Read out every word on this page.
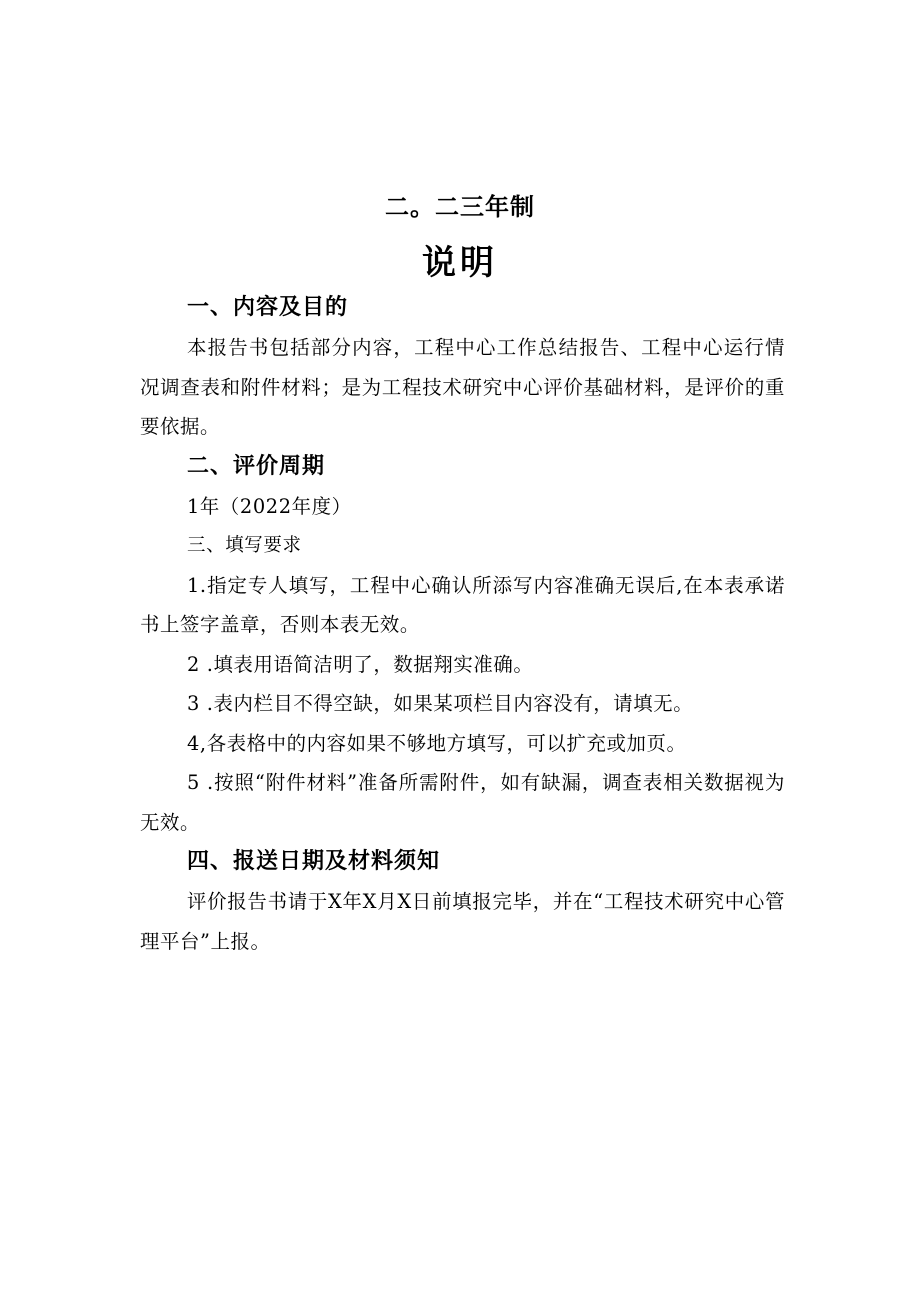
二。二三年制
说明

一、内容及目的

本报告书包括部分内容，工程中心工作总结报告、工程中心运行情况调查表和附件材料；是为工程技术研究中心评价基础材料，是评价的重要依据。

二、评价周期

1年（2022年度）

三、填写要求

1.指定专人填写，工程中心确认所添写内容准确无误后,在本表承诺书上签字盖章，否则本表无效。

2 .填表用语简洁明了，数据翔实准确。

3 .表内栏目不得空缺，如果某项栏目内容没有，请填无。

4,各表格中的内容如果不够地方填写，可以扩充或加页。

5 .按照“附件材料”准备所需附件，如有缺漏，调查表相关数据视为无效。

四、报送日期及材料须知

评价报告书请于X年X月X日前填报完毕，并在“工程技术研究中心管理平台”上报。
